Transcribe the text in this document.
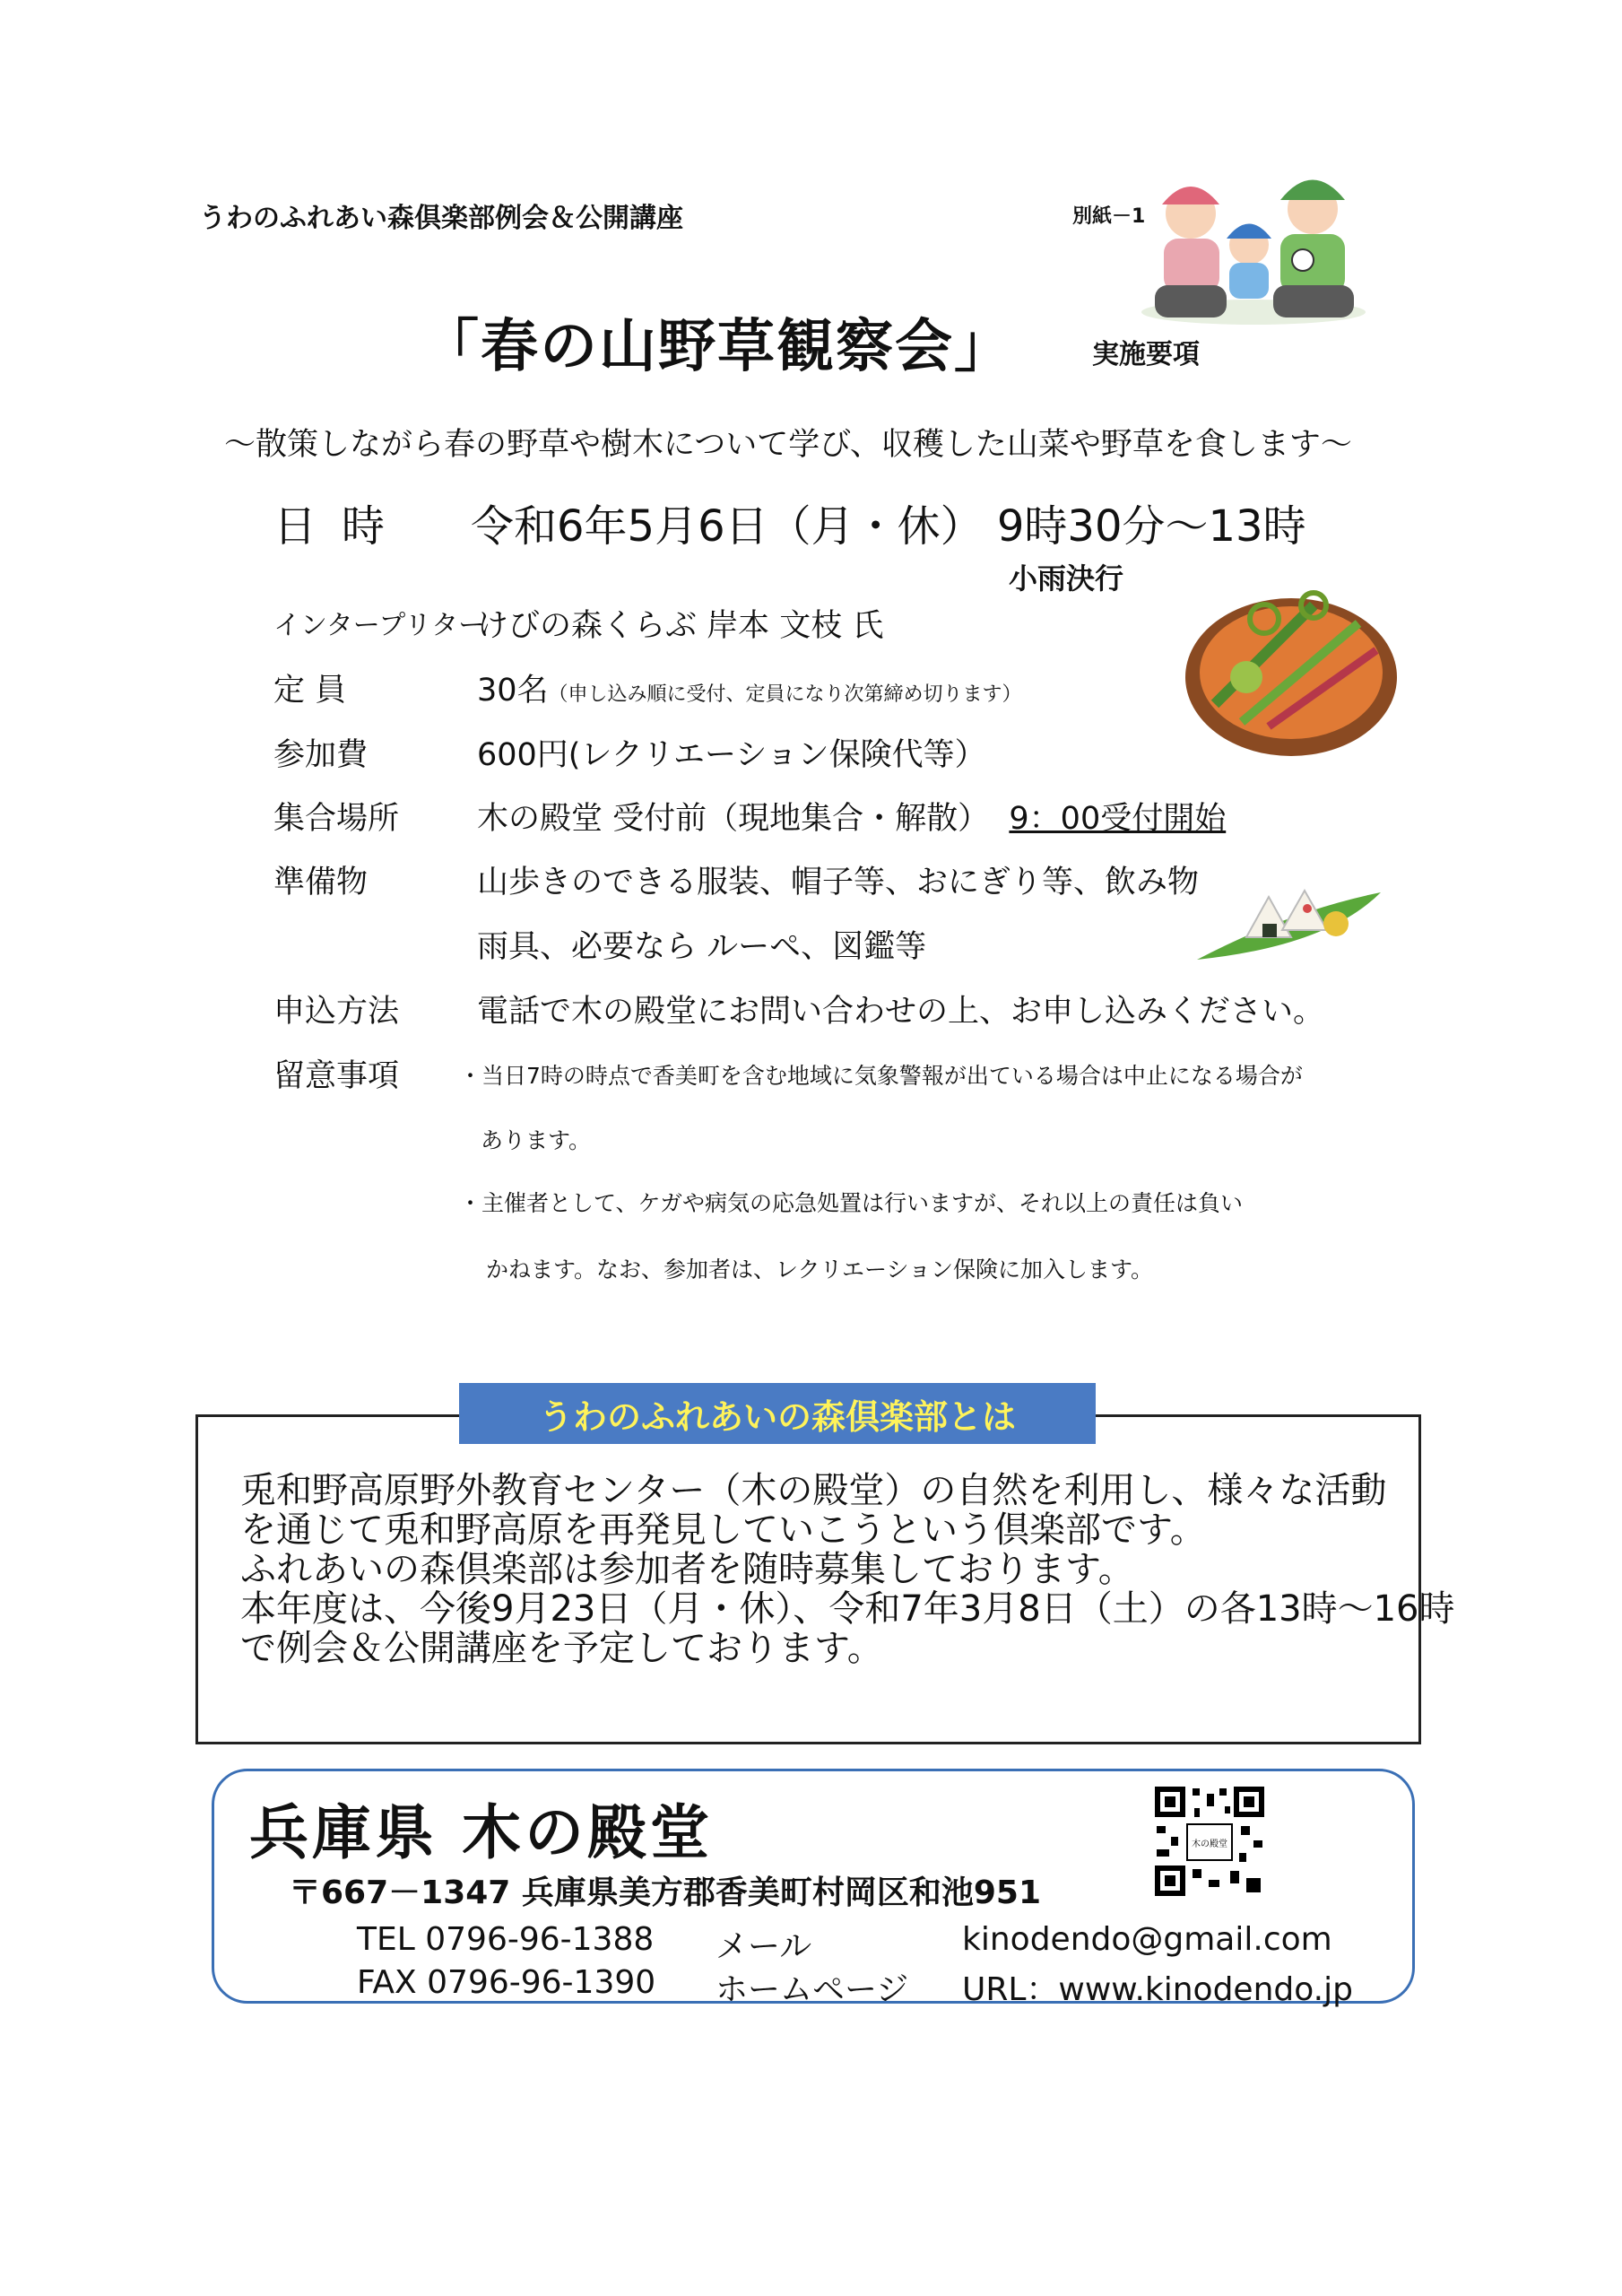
うわのふれあい森倶楽部例会＆公開講座	別紙－1
「春の山野草観察会」	実施要項
～散策しながら春の野草や樹木について学び、収穫した山菜や野草を食します～
日時 令和6年5月6日（月・休） 9時30分～13時
小雨決行
インタープリター
けびの森くらぶ 岸本 文枝 氏
定 員	30名（申し込み順に受付、定員になり次第締め切ります）
参加費	600円(レクリエーション保険代等）
集合場所 木の殿堂 受付前（現地集合・解散） 9：00受付開始
準備物	山歩きのできる服装、帽子等、おにぎり等、飲み物
雨具、必要なら ルーペ、図鑑等
申込方法 電話で木の殿堂にお問い合わせの上、お申し込みください。
留意事項	・当日7時の時点で香美町を含む地域に気象警報が出ている場合は中止になる場合が
あります。
・主催者として、ケガや病気の応急処置は行いますが、それ以上の責任は負い
かねます。なお、参加者は、レクリエーション保険に加入します。
うわのふれあいの森倶楽部とは
兎和野高原野外教育センター（木の殿堂）の自然を利用し、様々な活動
を通じて兎和野高原を再発見していこうという倶楽部です。
ふれあいの森倶楽部は参加者を随時募集しております。
本年度は、今後9月23日（月・休）、令和7年3月8日（土）の各13時～16時
で例会＆公開講座を予定しております。
兵庫県 木の殿堂
〒667－1347 兵庫県美方郡香美町村岡区和池951
TEL 0796-96-1388 メール	kinodendo@gmail.com
FAX 0796-96-1390 ホームページ URL：www.kinodendo.jp
木の殿堂
